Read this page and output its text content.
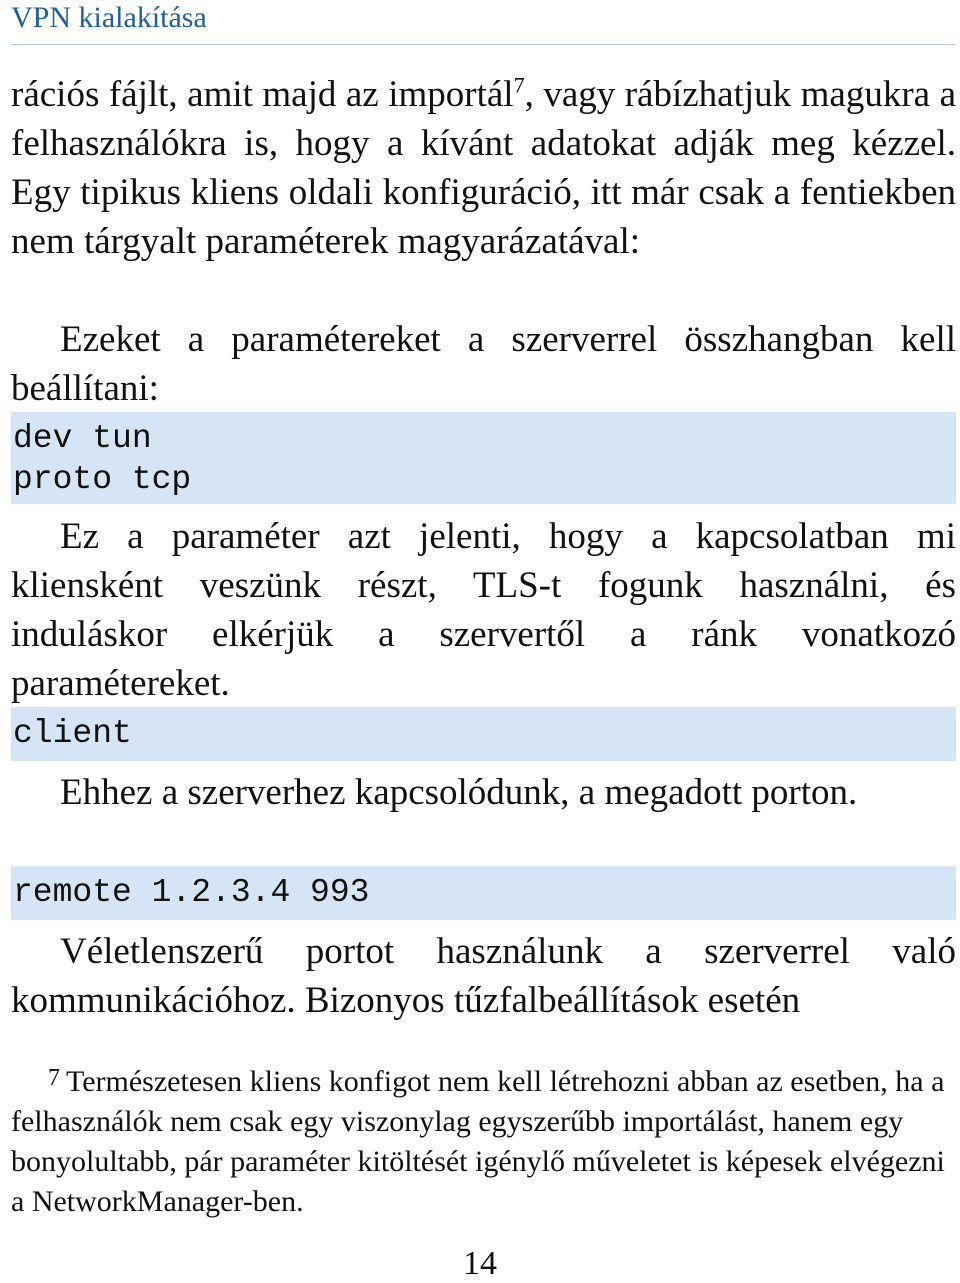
VPN kialakítása
rációs fájlt, amit majd az importál$^7$, vagy rábízhatjuk magukra a felhasználókra is, hogy a kívánt adatokat adják meg kézzel. Egy tipikus kliens oldali konfiguráció, itt már csak a fentiekben nem tárgyalt paraméterek magyarázatával:
Ezeket a paramétereket a szerverrel összhangban kell beállítani:
dev tun
proto tcp
Ez a paraméter azt jelenti, hogy a kapcsolatban mi kliensként veszünk részt, TLS-t fogunk használni, és induláskor elkérjük a szervertől a ránk vonatkozó paramétereket.
client
Ehhez a szerverhez kapcsolódunk, a megadott porton.
remote 1.2.3.4 993
Véletlenszerű portot használunk a szerverrel való kommunikációhoz. Bizonyos tűzfalbeállítások esetén
7 Természetesen kliens konfigot nem kell létrehozni abban az esetben, ha a felhasználók nem csak egy viszonylag egyszerűbb importálást, hanem egy bonyolultabb, pár paraméter kitöltését igénylő műveletet is képesek elvégezni a NetworkManager-ben.
14
